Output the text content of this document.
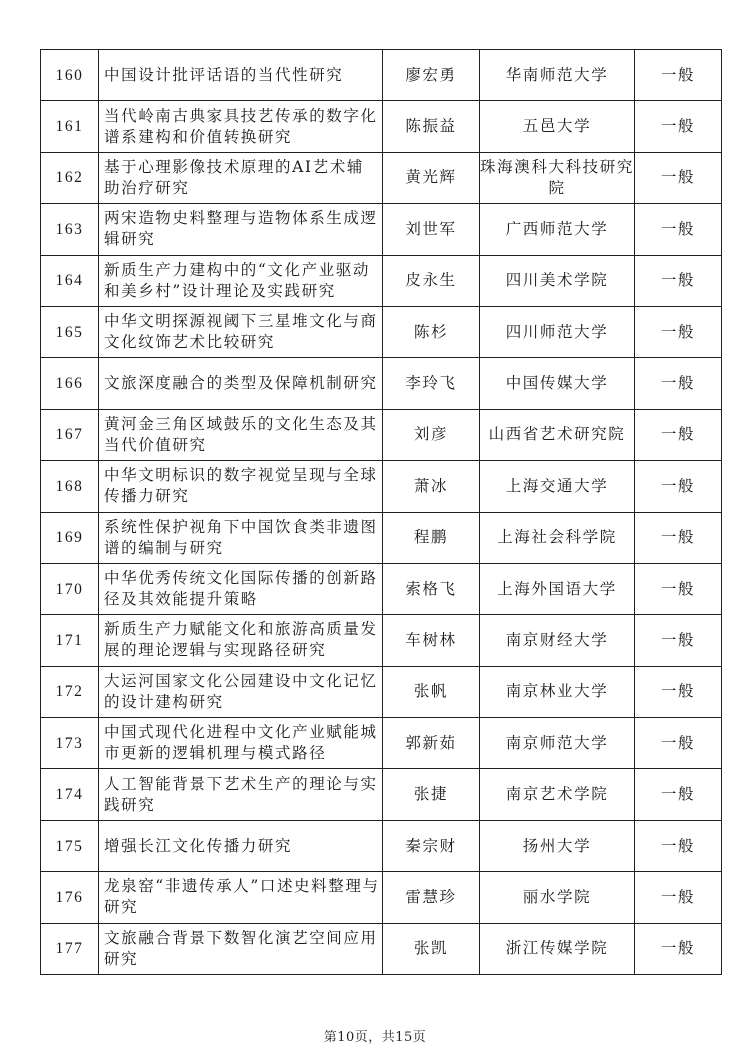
160	中国设计批评话语的当代性研究	廖宏勇	华南师范大学	一般
161	当代岭南古典家具技艺传承的数字化谱系建构和价值转换研究	陈振益	五邑大学	一般
162	基于心理影像技术原理的AI艺术辅助治疗研究	黄光辉	珠海澳科大科技研究院	一般
163	两宋造物史料整理与造物体系生成逻辑研究	刘世军	广西师范大学	一般
164	新质生产力建构中的“文化产业驱动和美乡村”设计理论及实践研究	皮永生	四川美术学院	一般
165	中华文明探源视阈下三星堆文化与商文化纹饰艺术比较研究	陈杉	四川师范大学	一般
166	文旅深度融合的类型及保障机制研究	李玲飞	中国传媒大学	一般
167	黄河金三角区域鼓乐的文化生态及其当代价值研究	刘彦	山西省艺术研究院	一般
168	中华文明标识的数字视觉呈现与全球传播力研究	萧冰	上海交通大学	一般
169	系统性保护视角下中国饮食类非遗图谱的编制与研究	程鹏	上海社会科学院	一般
170	中华优秀传统文化国际传播的创新路径及其效能提升策略	索格飞	上海外国语大学	一般
171	新质生产力赋能文化和旅游高质量发展的理论逻辑与实现路径研究	车树林	南京财经大学	一般
172	大运河国家文化公园建设中文化记忆的设计建构研究	张帆	南京林业大学	一般
173	中国式现代化进程中文化产业赋能城市更新的逻辑机理与模式路径	郭新茹	南京师范大学	一般
174	人工智能背景下艺术生产的理论与实践研究	张捷	南京艺术学院	一般
175	增强长江文化传播力研究	秦宗财	扬州大学	一般
176	龙泉窑“非遗传承人”口述史料整理与研究	雷慧珍	丽水学院	一般
177	文旅融合背景下数智化演艺空间应用研究	张凯	浙江传媒学院	一般
第10页，共15页
